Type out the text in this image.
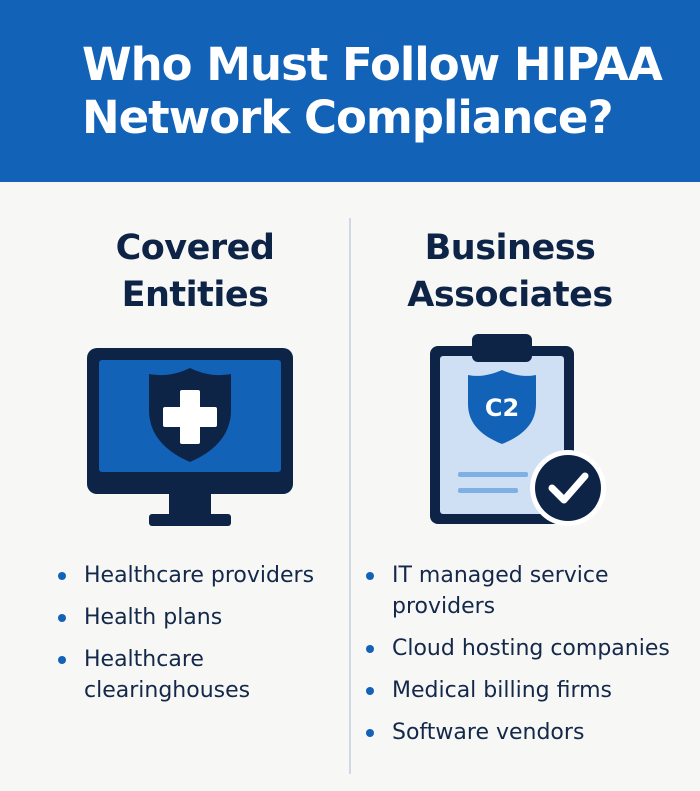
Who Must Follow HIPAA
Network Compliance?
Covered
Entities
Healthcare providers
Health plans
Healthcare
clearinghouses
Business
Associates
C2
IT managed service
providers
Cloud hosting companies
Medical billing firms
Software vendors
